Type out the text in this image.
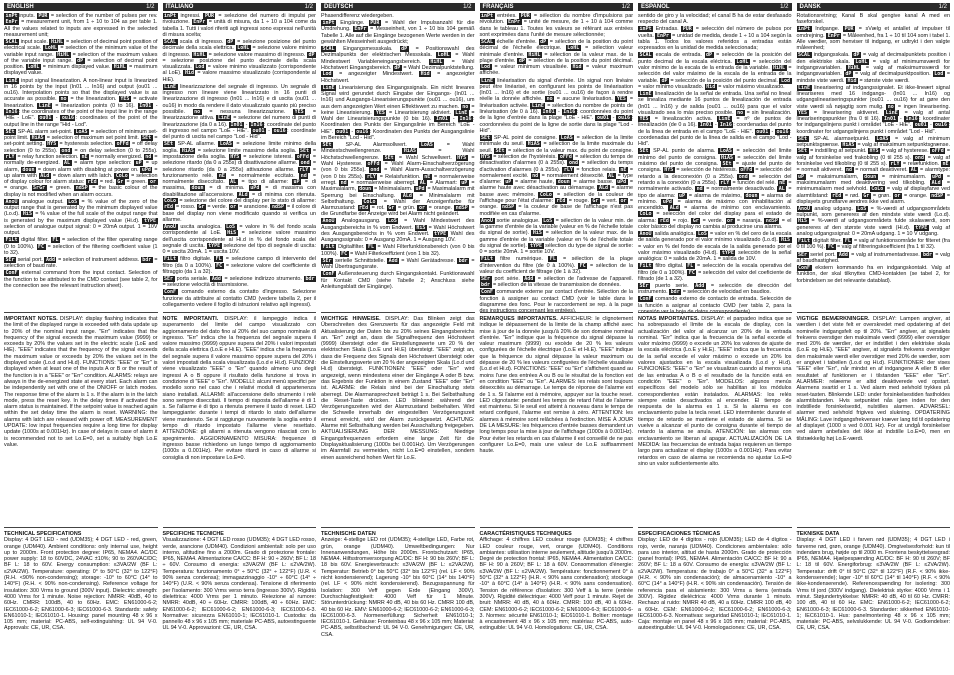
ENGLISH	1/2

inPt inputs. PUR = selection of the number of pulses per rev. EnPr = measurement unit, from 1 ÷ 10 to 104 as per table 1. All the values related to inputs are expressed in the selected measurement unit;

SCAL input scale. HiHL = selection of decimal point position of electrical scale. LoHL = selection of the minimum value of the variable input range. HiHL = selection of the maximum values of the variable input range. dP = selection of decimal point position. LoHL = minimum displayed value. HiHL = maximum displayed value.

LinE input signal linearization. A non-linear input is linearized in 16 points by the input (In01 ... In16) and output (ou01 ... ou16). Interpolation points so that the displayed value is as accurate as possible. no = the linearization. YES = activate linearization. LinE = linearization points (0 to 16). In01 - In16 : the coordinates of the point of the input line in the range "HiE - LoE". ou01 - ou16 : coordinates of the point of the output line in the range "Hid - Lod".

SEt SP-AL alarm set-point. LoAS = selection of minimum set-point limit. HiAS = selection of maximum set point limit. SEt = set-point setting. HYS = hysteresis selection. oFFd = off delay selection (0 to 255s). ond = on delay selection (0 to 255s). rLY = relay function selection. nE = normally energized. nd = normally de-energized. AL = alarm type selection: uP = up alarm, doun = down alarm with disabling at power on. uPd = up alarm with ALd = down alarm with latch. CoLo = selection of display colour for alarm status: rEd = red. Gr = green. or = orange. SrGr = green. ndSP = the basic colour of the display is not modified when an alarm occurs.

AnoU analogue output. LoS = % value of the zero of the output range that is generated by the minimum displayed value (Lo.d). HiS = % value of the full scale of the output range that is generated by the maximum displayed value (Hi.d). tYPE selection of analogue output signal: 0 = 20mA output. 1 = 10V output.

FiLt digital filter. FL = selection of the filter operating range (0 to 100%). FC = selection of the filtering coefficient value (1 to 32).

SEr serial port. Add = selection of instrument address. bdr = selection of baud rate.

ConF external command from the input contact. Selection of the function to be attributed to the CMD contact (see table 2, for the connection see the relevant instruction sheet).

IMPORTANT NOTES. DISPLAY: display flashing indicates that the limit of the displayed range is exceeded with data update up to 20% of the nominal input range. "Err" indicates that the frequency of the signal exceeds the maximum value (9999) or exceeds by 20% the values set in the electric scale (LoE and HiE). "EEE" indicates that the frequency of the signal exceeds the maximum value or exceeds by 20% the values set in the displayed scale (Lo.d and Hi.d). FUNCTIONS: "EEE" or "Err" is displayed when at least one of the inputs A or B or the result of the function is in a "EEE" or "Err" condition. ALARMS: relays are always in the de-energized state at every start. Each alarm can be independently set with one of the ON/OFF or latch modes. The response time of the alarm is 1 s. If the alarm is in the latch mode, press the reset key. In the delay times if activated the alarm status is maintained. If the setpoint value is reached again within the set delay time the alarm is reset. WARNING: the alarms with latch are released with power off. MEASUREMENT UPDATE: low input frequencies require a long time for display update (1000s at 0.001Hz). In case of delays in case of alarm it is recommended not to set Lo.E=0, set a suitably high Lo.E value.
TECHNICAL SPECIFICATIONS
Display: 4 DGT LED - red (UDM35); 4 DGT LED - red, green, orange (UDM40). Ambient conditions: only internal use, height up to 2000m. Front protection degree: IP65, NEMA4. AC/DC power supply: 18 to 60VDC, 24VAC ±10%; 90 to 260VAC/DC; BF L: 18 to 60V. Energy consumption: ≤3VA/2W (BF L: ≤2VA/2W). Temperature: operating: 0° to 50°C (32° to 122°F) (R.H. <90% non-condensing); storage: -10° to 60°C (14° to 140°F) (R.H. < 90% non-condensing). Reference voltage for insulation: 300 Vrms to ground (300V input). Dielectric strength: 4000 Vrms for 1 minute. Noise rejection: NMRR: 40dB, 40 to 60Hz. CMRR: 100dB, 40 to 60Hz. EMC: EN61000-6-2; IEC61000-6-2; EN61000-6-3; IEC61000-6-3. Standards: safety EN61010-1; IEC61010-1. Housing: panel mounting 48 x 96 x 105 mm; material: PC-ABS, self-extinguishing: UL 94 V-0. Approvals: CE, UR, CSA.
ITALIANO	1/2

inPt ingressi. PUR = selezione del numero di impulsi per rivoluzione. EnPr = unità di misura, da 1 ÷ 10 a 104 come da tabella 1. Tutti i valori riferiti agli ingressi sono espressi nell'unità di misura scelta;

SCAL scala di ingresso. dP = selezione posizione del punto decimale della scala elettrica. LoHL = selezione valore minimo di ingresso. HiHL = selezione valore massimo di ingresso. dP = selezione posizione del punto decimale della scala visualizzata. Lod = valore minimo visualizzato (corrispondente al LoE). Hid = valore massimo visualizzato (corrispondente al HiE).

LinE linearizzazione del segnale di ingresso. Un segnale di ingresso non lineare viene linearizzato in 16 punti di linearizzazione di ingresso (In01 ... In16) e di uscita (ou01 ... ou16) in modo da rendere il dato visualizzato quanto più preciso possibile. no = nessuna linearizzazione. YES = linearizzazione attiva. LinE = selezione del numero di punti di linearizzazione (da 0 a 16). In01 - In16 : coordinate del punto di ingresso nel campo "LoE - HiE". ou01 - ou16 : coordinate del punto di uscita nel campo "Lod - Hid".

SEt SP-AL allarme. LoAS = selezione limite minimo della soglia. HiAS = selezione limite massimo della soglia. SEt = impostazione della soglia. HYS = selezione isteresi. oFFd = selezione ritardo (da 0 a 255s) di disattivazione allarme. ond = selezione ritardo (da 0 a 255s) attivazione allarme. rLY = funzionamento relè. nE = normalmente eccitato. nd = normalmente diseccitato. AL = tipo di allarme: uP = di massima, doun = di minima. uPd = di massima con disabilitazione all'accensione. ALd = di minima con ritenuta. CoLo = selezione del colore del display per lo stato di allarme: rEd = rosso. Gr = verde. or = arancione. ndSP = il colore di base del display non viene modificato quando si verifica un allarme.

AnoU uscita analogica. LoS = valore in % del fondo scala corrispondente al LoE. HiS = selezione valore massimo dell'uscita corrispondente al Hi.d in % del fondo scala del segnale di uscita. tYPE selezione del tipo di segnale di uscita: 0 = uscita 20mA. 1 = uscita 10V.

FiLt filtro digitale. FL = selezione campo di intervento del filtro (da 0 a 100%). FC = selezione valore del coefficiente di filtraggio (da 1 a 32).

SEr porta seriale. Add = selezione indirizzo strumento. bdr = selezione velocità di trasmissione.

ConF comando esterno da contatto d'ingresso. Selezione funzione da attribuire al contatto CMD (vedere tabella 2, per il collegamento vedere il foglio di istruzioni relativo agli ingressi).

NOTE IMPORTANTI. DISPLAY: il lampeggio indica il superamento del limite del campo visualizzato con aggiornamento del dato fino al 20% del suo campo nominale di ingresso. "Err" indica che la frequenza del segnale supera il valore massimo (9999) oppure supera del 20% i valori impostati della scala elettrica (Lo.E e Hi.E). "EEE" indica che la frequenza del segnale supera il valore massimo oppure supera del 20% i valori impostati della scala visualizzata (Lo.d e Hi.d). FUNZIONI: viene visualizzato "EEE" o "Err" quando almeno uno degli ingressi A o B oppure il risultato della funzione si trova in condizione di "EEE" o "Err". MODELLI: alcuni menù specifici per modello sono nel caso che i relativi moduli di appartenenza siano installati. ALLARMI: all'accensione dello strumento i relè sono sempre diseccitati. Il tempo di risposta dell'allarme è di 1 s. Se l'allarme è di tipo a ritenuta premere il tasto di reset. LED lampeggiante: durante i tempi di ritardo lo stato dell'allarme viene mantenuto. Se si raggiunge nuovamente la soglia entro il tempo di ritardo impostato l'allarme viene resettato. ATTENZIONE: gli allarmi a ritenuta vengono rilasciati con lo spegnimento. AGGIORNAMENTO MISURA: frequenze di ingresso basse richiedono un lungo tempo di aggiornamento (1000s a 0.001Hz). Per evitare ritardi in caso di allarme si consiglia di non impostare Lo.E=0.
SPECIFICHE TECNICHE
Visualizzazione: 4 DGT LED rosso (UDM35); 4 DGT LED rosso, verde, arancione (UDM40). Condizioni ambientali: solo per uso interno, altitudine fino a 2000m. Grado di protezione frontale: IP65, NEMA4. Alimentazione CA/CC: BF H: 90 ÷ 260V; BF L: 18 ÷ 60V. Consumo di energia: ≤3VA/2W (BF L: ≤2VA/2W). Temperatura: funzionamento 0° ÷ 50°C (32° ÷ 122°F) (U.R. < 90% senza condensa); immagazzinaggio -10° ÷ 60°C (14° ÷ 140°F) (U.R. < 90% senza condensa). Tensione di riferimento per l'isolamento: 300 Vrms verso terra (ingresso 300V). Rigidità dielettrica: 4000 Vrms per 1 minuto. Reiezione al rumore: NMRR: 40dB, 40 ÷ 60Hz. CMRR: 100dB, 40 ÷ 60Hz. EMC: EN61000-6-2; IEC61000-6-2; EN61000-6-3; IEC61000-6-3. Normative: sicurezza EN61010-1; IEC61010-1. Custodia: da pannello 48 x 96 x 105 mm; materiale PC-ABS, autoestinguente UL 94 V-0. Approvazioni: CE, UR, CSA.
DEUTSCH	1/2

Phasendifferenz wiedergeben.

inPt Eingänge. PUR = Wahl der Impulsanzahl für die Umdrehung. EnPr = Messeinheit, von 1 ÷ 10 bis 104 gemäß Tabelle 1. Alle auf die Eingänge bezogenen Werte werden in der gewählten Messeinheit ausgedrückt;

SCAL Eingangsmessskala. dP = Positionswahl des Dezimalpunkts der elektrischen Messskala. LoHL = Wahl Mindestwert Variableneingangsbereich. HiHL = Wahl Höchstwert Eingangsbereich. dP = Wahl Dezimalpunktstellung. Lod = angezeigter Mindestwert. Hid = angezeigter Höchstwert.

LinE Linearisierung des Eingangssignals. Ein nicht lineares Signal wird gerundet durch Eingabe der Eingangs- (In01 ... In16) und Ausgangs-Linearisierungspunkte (ou01 ... ou16), um aus dem angezeigten Wert einen Effektivwert zu machen. no = keine Linearisierung. YES = Linearisierung aktiviert. LinE = Wahl der Linearisierungspunkte (0 bis 16). In01 - In16 : Koordinaten des Punkts der Eingangslinie im Bereich "LoE - HiE". ou01 - ou16 : Koordinaten des Punkts der Ausgangslinie im Bereich "Lod - Hid".

SEt SP-AL Alarmsollwert. LoAS = Wahl Mindestschwellengrenze. HiAS = Wahl Höchstschwellengrenze. SEt = Wahl Schwellwert. HYS = Wahl Hysterese. oFFd = Wahl Alarm-Einschaltverzögerung (von 0 bis 255s). ond = Wahl Alarm-Ausschaltverzögerung (von 0 bis 255s). rLY = Relaisfunktion. nE = normalerweise erregt. nd = normalerweise aberregt. AL = Alarmart: uP = Maximalalarm, doun = Minimalalarm. uPd = Maximalalarm mit Sperrung bei Einschaltung. ALd = Minimalalarm mit Selbsthaltung. CoLo = Wahl der Anzeigenfarbe für Alarmzustand: rEd = rot. Gr = grün. or = orange. ndSP = die Grundfarbe der Anzeige wird bei Alarm nicht geändert.

AnoU Analogausgang. LoS = Wahl Mindestwert des Ausgangsbereichs in % vom Endwert. HiS = Wahl Höchstwert des Ausgangsbereichs in % vom Endwert. tYPE Wahl des Ausgangssignals: 0 = Ausgang 20mA. 1 = Ausgang 10V.

FiLt Digitalfilter. FL = Wahl Filterfunktionsbereich (von 0 bis 100%). FC = Wahl Filterkoeffizient (von 1 bis 32).

SEr serielle Schnittstelle. Add = Wahl Gerätadresse. bdr = Wahl Übertragungsrate.

ConF Außensteuerung durch Eingangskontakt. Funktionswahl für Kontakt CMD (siehe Tabelle 2; Anschluss siehe Anleitungsblatt der Eingänge).

WICHTIGE HINWEISE. DISPLAY: Das Blinken zeigt das Überschreiten des Grenzwerts für das angezeigte Feld mit Aktualisierung der Daten bis zu 20% seines Eingangsbereichs an. "Err" zeigt an, dass die Signalfrequenz den Höchstwert (9999) übersteigt oder die Einstellungswerte um 20 % der elektrischen Skala (Lo.E und Hi.E) übersteigt. "EEE" zeigt an, dass die Frequenz des Signals den Höchstwert übersteigt oder die Einstellungswerte um 20 % der angezeigten Skala (Lo.d und Hi.d) übersteigt. FUNKTIONEN: "EEE" oder "Err" wird angezeigt, wenn mindestens einer der Eingänge A oder B bzw. das Ergebnis der Funktion in einem Zustand "EEE" oder "Err" ist. ALARME: die Relais sind bei der Einschaltung stets aberregt. Die Alarmansprechzeit beträgt 1 s. Bei Selbsthaltung die Reset-Taste drücken. LED blinkend: während der Verzögerungszeiten wird der Alarmzustand beibehalten. Wird die Schwelle innerhalb der eingestellten Verzögerungszeit erneut erreicht, wird der Alarm zurückgesetzt. ACHTUNG: Alarme mit Selbsthaltung werden bei Ausschaltung freigegeben. AKTUALISIERUNG DER MESSUNG: Niedrige Eingangsfrequenzen erfordern eine lange Zeit für die Displayaktualisierung (1000s bei 0.001Hz). Um Verzögerungen im Alarmfall zu vermeiden, nicht Lo.E=0 einstellen, sondern einen ausreichend hohen Wert für Lo.E.
TECHNISCHE DATEN
Anzeige: 4-stellige LED rot (UDM35); 4-stellige LED, Farbe rot, grün, orange (UDM40). Umweltbedingungen: Nur Innenanwendungen, Höhe bis 2000m. Frontschutzart: IP65, NEMA4. Hilfsstromversorgung AC/DC: BF H: 90 bis 260V; BF L: 18 bis 60V. Energieverbrauch: ≤3VA/2W (BF L: ≤2VA/2W). Temperatur: Betrieb 0° bis 50°C (32° bis 122°F) (rel. LF < 90% nicht kondensierend); Lagerung -10° bis 60°C (14° bis 140°F) (rel. LF < 90% nicht kondensierend). Bezugsspannung für Isolation: 300 Veff gegen Erde (Eingang 300V). Durchschlagfestigkeit: 4000 Veff für 1 Minute. Störunterdrückung: NMRR 40 dB, 40 bis 60 Hz. CMRR 100 dB, 40 bis 60 Hz. EMV: EN61000-6-2; IEC61000-6-2; EN61000-6-3; IEC61000-6-3. Normenerfüllung: Sicherheit EN61010-1; IEC61010-1. Gehäuse: Fronteinbau 48 x 96 x 105 mm; Material: PC-ABS, selbstlöschend: UL 94 V-0. Genehmigungen: CE, UR, CSA.
FRANÇAIS	1/2

inPt entrées. PUR = sélection du nombre d'impulsions par révolution. EnPr = unité de mesure, de 1 ÷ 10 à 104 comme dans le tableau 1. Toutes les valeurs se référant aux entrées sont exprimées dans l'unité de mesure sélectionnée;

SCAL échelle d'entrée. dP = sélection de la position du point décimal de l'échelle électrique. LoHL = sélection valeur minimale d'entrée. HiHL = sélection de la valeur max. de la plage d'entrée. dP = sélection de la position du point décimal. Lod = valeur minimum visualisée. Hid = valeur maximum affichée.

LinE linéarisation du signal d'entrée. Un signal non linéaire peut être linéarisé, en configurant les points de linéarisation (In01 ... In16) et de sortie (ou01 ... ou16) de façon à rendre réelle la donnée affichée. no = aucune linéarisation. YES = linéarisation activée. LinE = sélection du nombre de points de linéarisation (de 0 à 16). In01 - In16 : coordonnées du point de la ligne d'entrée dans la plage "LoE - HiE". ou01 - ou16 : coordonnées du point de la ligne de sortie dans la plage "Lod - Hid".

SEt SP-AL point de consigne. LoAS = sélection de la limite minimale du seuil. HiAS = sélection de la limite maximale du seuil. SEt = sélection de la valeur max. du point de consigne. HYS = sélection de l'hystérésis. oFFd = sélection du temps de désactivation d'alarmes (0 à 255s). ond = sélection du temps d'activation d'alarmes (0 à 255s). rLY = fonction relais. nE = normalement excité. nd = normalement désexcité. AL = type d'alarme: uP = alarme haute, doun = alarme basse. uPd = alarme haute avec désactivation au démarrage. ALd = alarme basse avec mémoire. CoLo = sélection de la couleur de l'affichage pour l'état d'alarme: rEd = rouge. Gr = vert. or = orange. ndSP = la couleur de base de l'affichage n'est pas modifiée en cas d'alarme.

AnoU sortie analogique. LoS = sélection de la valeur min. de la gamme d'entrée de la variable (valeur en % de l'échelle totale du signal de sortie). HiS = sélection de la valeur max. de la gamme d'entrée de la variable (valeur en % de l'échelle totale du signal de sortie). tYPE sélection du type de signal de sortie: 0 = sortie 20mA. 1 = sortie 10V.

FiLt filtre numérique. FL = sélection de la plage d'intervention du filtre (de 0 à 100%). FC = sélection de la valeur du coefficient de filtrage (de 1 à 32).

SEr port série. Add = sélection de l'adresse de l'appareil. bdr = sélection de la vitesse de transmission de données.

ConF commande externe par contact d'entrée. Sélection de la fonction à assigner au contact CMD (voir le table dans le diagramme des fonc. Pour le raccordement se rep. à la page des instructions concernant les entrées).

REMARQUES IMPORTANTES. AFFICHEUR: le clignotement indique le dépassement de la limite de la champ affiché avec mise à jour de la donnée jusqu'à 20% de son domaine nominal d'entrée. "Err" indique que la fréquence du signal dépasse la valeur maximum (9999) ou excède de 20 % les valeurs configurées de l'échelle électrique (Lo.E et Hi.E). "EEE" indique que la fréquence du signal dépasse la valeur maximum ou dépasse de 20 % les valeurs configurées de l'échelle visualisée (Lo.d et Hi.d). FONCTIONS: "EEE" ou "Err" s'affichent quand au moins l'une des entrées A ou B ou le résultat de la fonction est en condition "EEE" ou "Err". ALARMES: les relais sont toujours désexcités au démarrage. Le temps de réponse de l'alarme est de 1 s. Si l'alarme est à mémoire, appuyer sur la touche reset. LED clignotante: pendant les temps de retard l'état de l'alarme est maintenu. Si le seuil est atteint à nouveau dans le temps de retard configuré, l'alarme est remise à zéro. ATTENTION: les alarmes à mémoire sont relâchées à l'extinction. MISE À JOUR DE LA MESURE: les fréquences d'entrée basses demandent un long temps pour la mise à jour de l'affichage (1000s à 0.001Hz). Pour éviter les retards en cas d'alarme il est conseillé de ne pas configurer Lo.E=0, mais une valeur de Lo.E suffisamment haute.
CARACTÉRISTIQUES TECHNIQUES
Affichage: 4 chiffres LED couleur rouge (UDM35); 4 chiffres LED couleur rouge, vert, orange (UDM40). Conditions ambiantes: utilisation interne seulement, altitude jusqu'à 2000m. Degré de protection frontal: IP65, NEMA4. Alimentation CA/CC: BF H: 90 à 260V; BF L: 18 à 60V. Consommation d'énergie: ≤3VA/2W (BF L: ≤2VA/2W). Température: fonctionnement 0° à 50°C (32° à 122°F) (H.R. < 90% sans condensation); stockage -10° à 60°C (14° à 140°F) (H.R. < 90% sans condensation). Tension de référence d'isolation: 300 Veff à la terre (entrée 300V). Rigidité diélectrique: 4000 Veff pour 1 minute. Rejet de bruit: NMRR: 40 dB, 40 à 60Hz. CMRR: 100 dB, 40 à 60Hz. CEM: EN61000-6-2; IEC61000-6-2; EN61000-6-3; IEC61000-6-3. Normes: sécurité EN61010-1; IEC61010-1. Boîtier: montage à encastrement 48 x 96 x 105 mm; matériau: PC-ABS, auto-extinguible: UL 94 V-0. Homologations: CE, UR, CSA.
ESPAÑOL	1/2

sentido de giro y la velocidad; el canal B ha de estar desfasado respecto del canal A.

inPt Entradas. PUR = selección del número de pulsos por vuelta. EnPr = unidad de medida, desde 1 ÷ 10 a 104 según la tabla 1. Todos los valores referidos a entradas están expresados en la unidad de medida seleccionada;

SCAL escala de entrada. dP = selección de la posición del punto decimal de la escala eléctrica. LoHL = selección del valor mínimo de la escala de la entrada de la variable. HiHL = selección del valor máximo de la escala de la entrada de la variable. dP = selección de la posición del punto decimal. Lod = valor mínimo visualizado. Hid = valor máximo visualizado.

LinE linealización de la señal de entrada. Una señal no lineal se linealiza mediante 16 puntos de linealización de entrada (In01 ... In16) y de salida (ou01 ... ou16) para que el valor visualizado sea lo más preciso posible. no = sin linealización. YES = linealización activa. LinE = nº de puntos de linealización (de 0 a 16). In01 - In16 : coordenadas del punto de la línea de entrada en el campo "LoE - HiE". ou01 - ou16 : coordenadas del punto de la línea de salida en el campo "Lod - Hid".

SEt SP-AL punto de alarma. LoAS = selección del límite mínimo del punto de consigna. HiAS = selección del límite máximo del punto de consigna. SEt = ajuste del punto de consigna. HYS = selección de histéresis. oFFd = selección del retardo a la desconexión (0 a 255s). ond = selección del retardo a la conexión (0 a 255s). rLY = función del relé. nE = normalmente activado. nd = normalmente desactivado. AL = tipo de alarma: uP = alarma de máximo, doun = alarma de mínimo. uPd = alarma de máximo con inhabilitación al encendido. ALd = alarma de mínimo con enclavamiento. CoLo = selección del color del display para el estado de alarma: rEd = rojo. Gr = verde. or = naranja. ndSP = el color básico del display no cambia al producirse una alarma.

AnoU salida analógica. LoS = valor en % del cero de la escala de salida generado por el valor mínimo visualizado (Lo.d). HiS = valor en % del fondo de escala de la salida generado por el valor máximo visualizado (Hi.d). tYPE selección de la señal analógica: 0 = salida de 20mA. 1 = salida de 10V.

FiLt filtro digital. FL = selección de la escala operativa del filtro (de 0 a 100%). FC = selección del valor del coeficiente de filtrado (de 1 a 32).

SEr puerto serie. Add = selección de dirección del instrumento. bdr = selección de velocidad en baudios.

ConF comando externo de contacto de entrada. Selección de la función a asignar al contacto CMD (ver tabla 2, para la conexión ver la hoja de datos correspondiente).

NOTAS IMPORTANTES. DISPLAY: el parpadeo indica que se ha sobrepasado el límite de la escala de display, con la actualización del valor al alcanzar un 20% de la entrada nominal. "Err" indica que la frecuencia de la señal excede el valor máximo (9999) o excede un 20% los valores de ajuste de la escala eléctrica (Lo.E y Hi.E). "EEE" indica que la frecuencia de la señal excede el valor máximo o excede un 20% los valores ajustados en la escala visualizada (Lo.d y Hi.d). FUNCIONES: "EEE" o "Err" se visualizan cuando al menos una de las entradas A o B o el resultado de la función está en condición "EEE" o "Err". MODELOS: algunos menús específicos del modelo sólo se habilitan si los módulos correspondientes están instalados. ALARMAS: los relés siempre están desactivados al encender. El tiempo de respuesta de la alarma es 1 s. Si la alarma es con enclavamiento pulse la tecla reset. LED intermitente: durante el tiempo de retardo se mantiene el estado de alarma. Si se vuelve a alcanzar el punto de consigna durante el tiempo de retardo la alarma se anula. ATENCIÓN: las alarmas con enclavamiento se liberan al apagar. ACTUALIZACIÓN DE LA MEDIDA: las frecuencias de entrada bajas requieren un tiempo largo para actualizar el display (1000s a 0.001Hz). Para evitar retardos en caso de alarma se recomienda no ajustar Lo.E=0 sino un valor suficientemente alto.
ESPECIFICACIONES TÉCNICAS
Display: LED de 4 dígitos - rojo (UDM35); LED de 4 dígitos - rojo, verde, naranja (UDM40). Condiciones ambientales: sólo para uso interior, altitud de hasta 2000m. Grado de protección (panel frontal): IP65, NEMA4. Alimentación CA/CC: BF H: 90 a 260V; BF L: 18 a 60V. Consumo de energía: ≤3VA/2W (BF L: ≤2VA/2W). Temperatura: de trabajo 0° a 50°C (32° a 122°F) (H.R. < 90% sin condensación); de almacenamiento -10° a 60°C (14° a 140°F) (H.R. < 90% sin condensación). Tensión de referencia para el aislamiento: 300 Vrms a tierra (entrada 300V). Rigidez dieléctrica: 4000 Vrms durante 1 minuto. Rechazo al ruido: NMRR 40 dB, 40 a 60Hz. CMRR 100 dB, 40 a 60Hz. CEM: EN61000-6-2; IEC61000-6-2; EN61000-6-3; IEC61000-6-3. Normativas: seguridad EN61010-1; IEC61010-1. Caja: montaje en panel 48 x 96 x 105 mm; material: PC-ABS, autoextinguible: UL 94 V-0. Homologaciones: CE, UR, CSA.
DANSK	1/2

Rotationsretning; Kanal B skal gengive kanal A med en faseforskel.

inPt Indgange. PUR = sVælg et antallet af impulser til omdrejning. EnPr = Måleenhed, fra 1 ÷ 10 til 104 som i tabel 1. Alle værdier, som henviser til indgang, er udtrykt i den valgte måleenhed;

SCAL indgangsskala. dP = valg af decimalpunktets position i den elektriske skala. LoHL = valg af minimumsværdi for indgangsvariablen. HiHL = valg af maksimumsværdi for indgangsvariablen. dP = valg af decimalpunktposition. Lod = mindste viste værdi. Hid = største viste værdi.

LinE linearisering af indgangssignalet. Et ikke-lineært signal lineariseres med 16 indgangs- (In01 ... In16) og udgangslineariseringspunkter (ou01 ... ou16) for at gøre den viste værdi så nøjagtig som mulig. no = ingen linearisering. YES = linearisering aktiveret. LinE = valg af antal lineariseringspunkter (fra 0 til 16). In01 - In16 : koordinater for indgangslinjens punkt i området "LoE - HiE". ou01 - ou16 : koordinater for udgangslinjens punkt i området "Lod - Hid".

SEt SP-AL alarmsetpunkt. LoAS = valg af minimum setpunktsgrænse. HiAS = valg af maksimum setpunktsgrænse. SEt = indstilling af setpunkt. HYS = valg af hysterese. oFFd = valg af forsinkelse ved frakobling (0 til 255 s). ond = valg af forsinkelse ved tilkobling (0 til 255 s). rLY = relæfunktion. nE = normalt aktiveret. nd = normalt deaktiveret. AL = alarmtype: uP = maksimumalarm, doun = minimumalarm. uPd = maksimumalarm med deaktivering ved tilkobling. ALd = minimumalarm med selvhold. CoLo = valg af displayfarve ved alarmtilstand: rEd = rød. Gr = grøn. or = orange. ndSP = displayets grundfarve ændres ikke ved alarm.

AnoU analog udgang. LoS = %-værdi af udgangsområdets nulpunkt, som genereres af den mindste viste værdi (Lo.d). HiS = %-værdi af udgangsområdets fulde skalaværdi, som genereres af den største viste værdi (Hi.d). tYPE valg af analog udgangssignal: 0 = 20mA udgang. 1 = 10 V udgang.

FiLt digitalt filter. FL = valg af funktionsområde for filteret (fra 0 til 100 %). FC = valg af filtreringskoefficient (fra 1 til 32).

SEr seriel port. Add = valg af instrumentadresse. bdr = valg af baudhastighed.

ConF ekstern kommando fra en indgangskontakt. Valg af funktion, der skal tilknyttes CMD-kontakten (se tabel 2, for forbindelsen se det relevante datablad).

VIGTIGE BEMÆRKNINGER. DISPLAY: Lampen angiver, at værdien i det viste felt er overskredet med opdatering af det nominelle indgangsfelt op til 20%. "Err" angiver, at signalets frekvens overstiger den maksimale værdi (9999) eller overstiger med 20% de værdier, der er indstillet i den elektriske skala (Lo.E og Hi.E). "EEE" angiver, at signalets frekvens overstiger den maksimale værdi eller overstiger med 20% de værdier, som er angivet i tabellen (Lo.d og Hi.d). FUNKTIONER: der vises "EEE" eller "Err", når mindst en af indgangene A eller B eller resultatet af funktionen er i tilstanden "EEE" eller "Err". ALARMER: relæerne er altid deaktiverede ved opstart. Alarmens svartid er 1 s. Ved alarm med selvhold trykkes på reset-tasten. Blinkende LED: under forsinkelsestiden fastholdes alarmtilstanden. Hvis setpunktet nås igen inden for den indstillede forsinkelsestid, nulstilles alarmen. ADVARSEL: alarmer med selvhold frigives ved slukning. OPDATERING MÅLING: Lave indgangsfrekvenser kræver lang tid til opdatering af displayet (1000 s ved 0.001 Hz). For at undgå forsinkelser ved alarm anbefales det ikke at indstille Lo.E=0, men en tilstrækkelig høj Lo.E-værdi.
TEKNISKE DATA
Display: 4 DGT LED i farven rød (UDM35); 4 DGT LED i farverne rød, grøn, orange (UDM40). Omgivelsesforhold: kun til indendørs brug, højde op til 2000 m. Frontens beskyttelsesgrad: IP65, NEMA4. Hjælpespænding AC/DC: BF H: 90 til 260V; BF L: 18 til 60V. Energiforbrug: ≤3VA/2W (BF L: ≤2VA/2W). Temperatur: drift 0° til 50°C (32° til 122°F) (R.F. < 90% ikke-kondenserende); lager -10° til 60°C (14° til 140°F) (R.F. < 90% ikke-kondenserende). Referencespænding for isolering: 300 Vrms til jord (300V indgang). Dielektrisk styrke: 4000 Vrms i 1 minut. Støjundertrykkelse: NMRR: 40 dB, 40 til 60 Hz. CMRR: 100 dB, 40 til 60 Hz. EMC: EN61000-6-2; IEC61000-6-2; EN61000-6-3; IEC61000-6-3. Standarder: sikkerhed EN61010-1; IEC61010-1. Hus: panelmontering 48 x 96 x 105 mm; materiale: PC-ABS, selvslukkende: UL 94 V-0. Godkendelser: CE, UR, CSA.
